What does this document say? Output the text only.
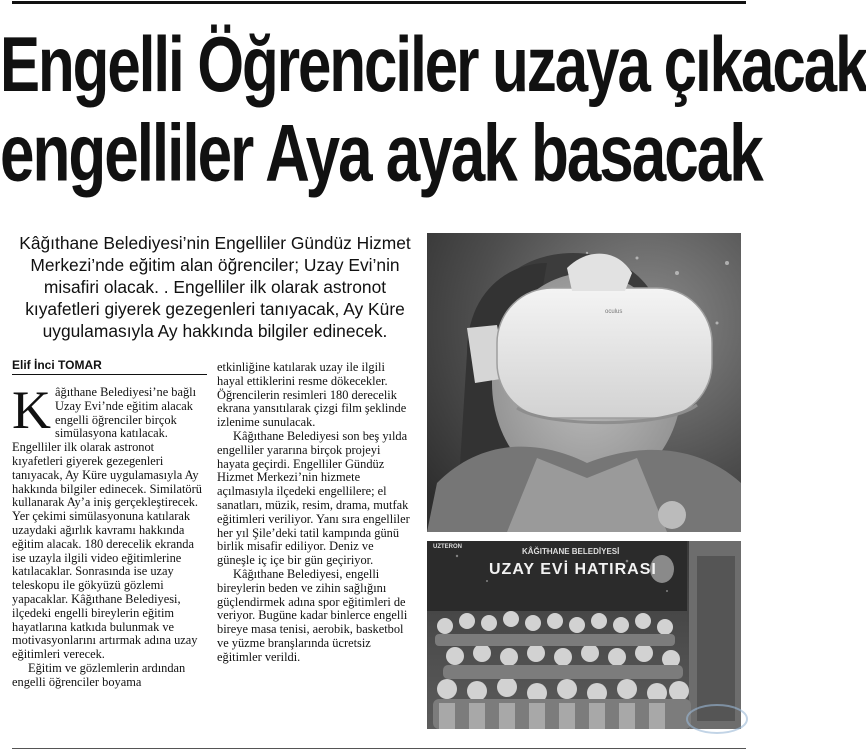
Engelli Öğrenciler uzaya çıkacak
engelliler Aya ayak basacak

Kâğıthane Belediyesi’nin Engelliler Gündüz Hizmet Merkezi’nde eğitim alan öğrenciler; Uzay Evi’nin misafiri olacak. . Engelliler ilk olarak astronot kıyafetleri giyerek gezegenleri tanıyacak, Ay Küre uygulamasıyla Ay hakkında bilgiler edinecek.

Elif İnci TOMAR

Kâğıthane Belediyesi’ne bağlı Uzay Evi’nde eğitim alacak engelli öğrenciler birçok simülasyona katılacak. Engelliler ilk olarak astronot kıyafetleri giyerek gezegenleri tanıyacak, Ay Küre uygulamasıyla Ay hakkında bilgiler edinecek. Similatörü kullanarak Ay’a iniş gerçekleştirecek. Yer çekimi simülasyonuna katılarak uzaydaki ağırlık kavramı hakkında eğitim alacak. 180 derecelik ekranda ise uzayla ilgili video eğitimlerine katılacaklar. Sonrasında ise uzay teleskopu ile gökyüzü gözlemi yapacaklar. Kâğıthane Belediyesi, ilçedeki engelli bireylerin eğitim hayatlarına katkıda bulunmak ve motivasyonlarını artırmak adına uzay eğitimleri verecek.

Eğitim ve gözlemlerin ardından engelli öğrenciler boyama

etkinliğine katılarak uzay ile ilgili hayal ettiklerini resme dökecekler. Öğrencilerin resimleri 180 derecelik ekrana yansıtılarak çizgi film şeklinde izlenime sunulacak.

Kâğıthane Belediyesi son beş yılda engelliler yararına birçok projeyi hayata geçirdi. Engelliler Gündüz Hizmet Merkezi’nin hizmete açılmasıyla ilçedeki engellilere; el sanatları, müzik, resim, drama, mutfak eğitimleri veriliyor. Yanı sıra engelliler her yıl Şile’deki tatil kampında günü birlik misafir ediliyor. Deniz ve güneşle iç içe bir gün geçiriyor.

Kâğıthane Belediyesi, engelli bireylerin beden ve zihin sağlığını güçlendirmek adına spor eğitimleri de veriyor. Bugüne kadar binlerce engelli bireye masa tenisi, aerobik, basketbol ve yüzme branşlarında ücretsiz eğitimler verildi.

oculus
UZTERON	KÂĞITHANE BELEDİYESİ
UZAY EVİ HATIRASI
